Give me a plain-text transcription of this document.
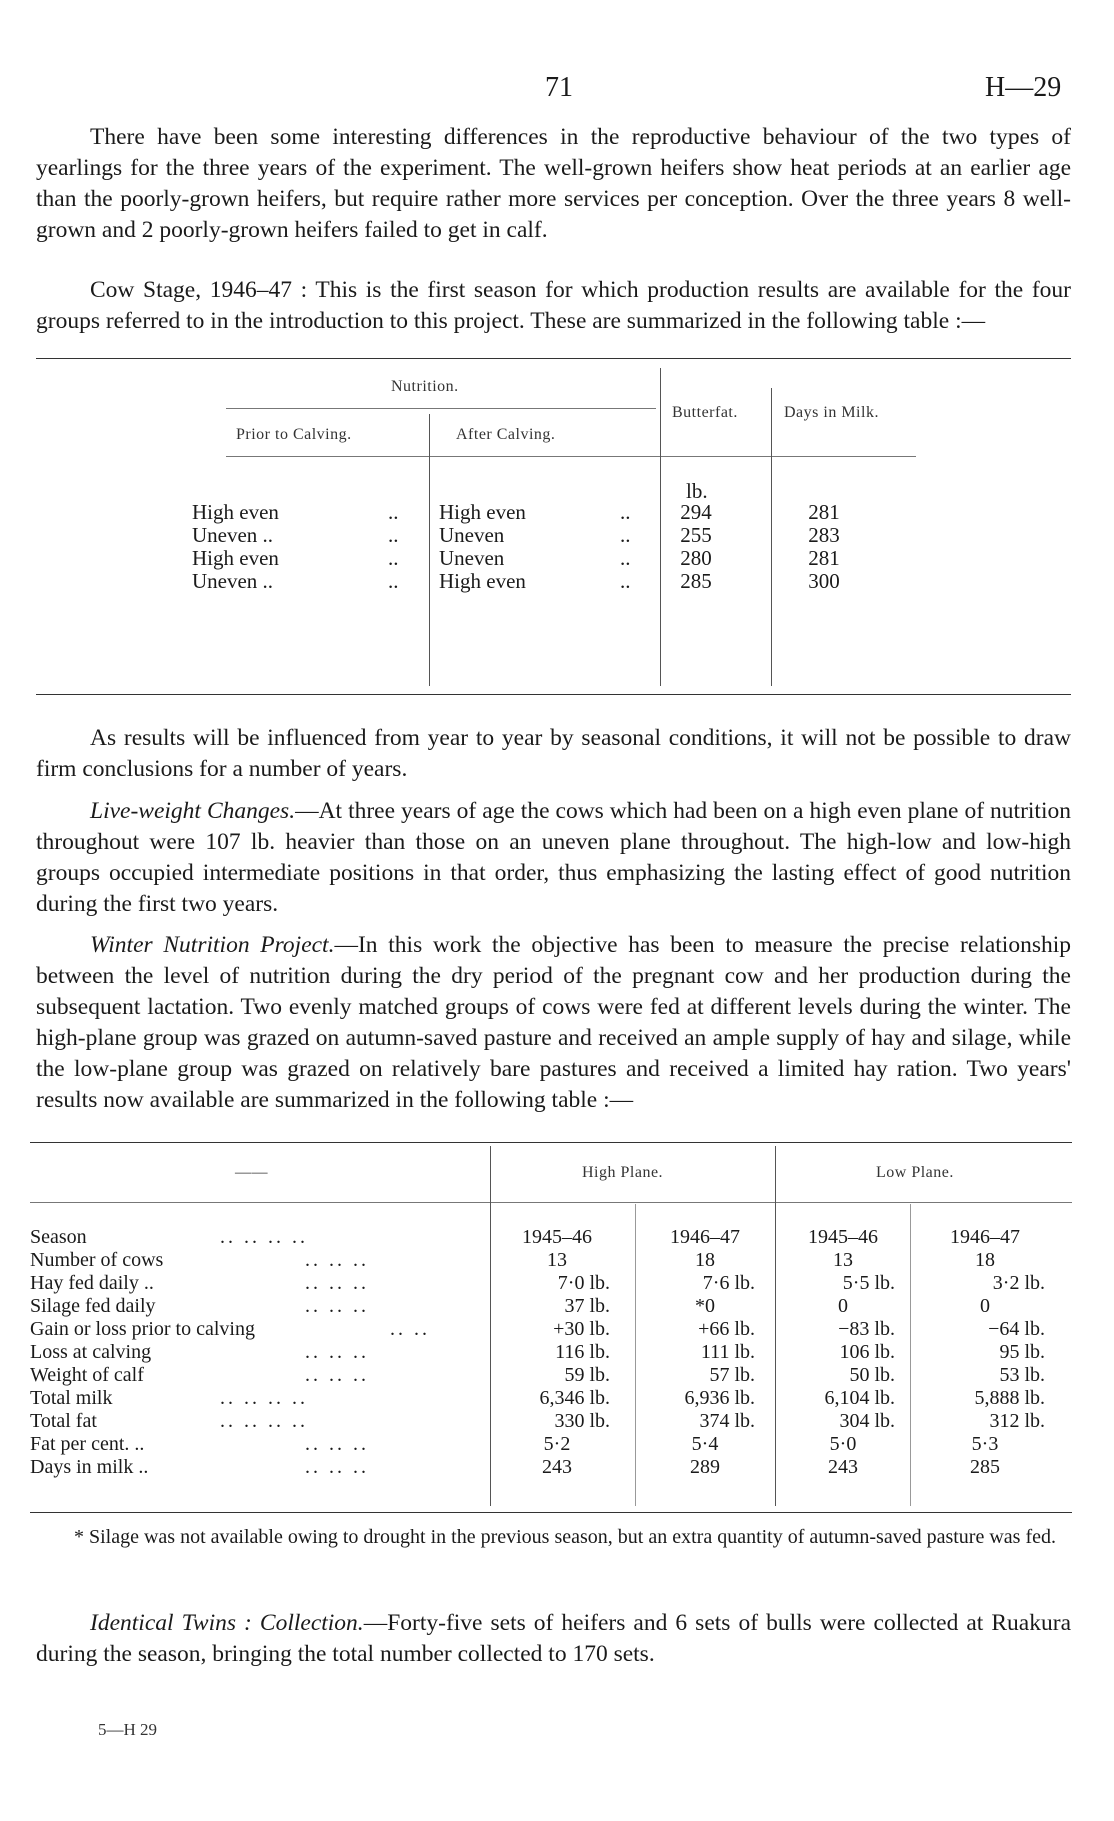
71	H—29

There have been some interesting differences in the reproductive behaviour of the two types of yearlings for the three years of the experiment. The well-grown heifers show heat periods at an earlier age than the poorly-grown heifers, but require rather more services per conception. Over the three years 8 well-grown and 2 poorly-grown heifers failed to get in calf.

Cow Stage, 1946–47 : This is the first season for which production results are available for the four groups referred to in the introduction to this project. These are summarized in the following table :—

Nutrition.
Prior to Calving.	After Calving.
Butterfat.	Days in Milk.
lb.
High even	.. High even	..	294	281
Uneven ..	.. Uneven	..	255	283
High even	.. Uneven	..	280	281
Uneven ..	.. High even	..	285	300

As results will be influenced from year to year by seasonal conditions, it will not be possible to draw firm conclusions for a number of years.

Live-weight Changes.—At three years of age the cows which had been on a high even plane of nutrition throughout were 107 lb. heavier than those on an uneven plane throughout. The high-low and low-high groups occupied intermediate positions in that order, thus emphasizing the lasting effect of good nutrition during the first two years.

Winter Nutrition Project.—In this work the objective has been to measure the precise relationship between the level of nutrition during the dry period of the pregnant cow and her production during the subsequent lactation. Two evenly matched groups of cows were fed at different levels during the winter. The high-plane group was grazed on autumn-saved pasture and received an ample supply of hay and silage, while the low-plane group was grazed on relatively bare pastures and received a limited hay ration. Two years' results now available are summarized in the following table :—

——	High Plane.	Low Plane.
Season	.. .. .. ..	1945–46	1946–47	1945–46	1946–47
Number of cows	.. .. ..	13	18	13	18
Hay fed daily ..	.. .. ..	7·0 lb.	7·6 lb.	5·5 lb.	3·2 lb.
Silage fed daily	.. .. ..	37 lb.	*0	0	0
Gain or loss prior to calving	.. ..	+30 lb.	+66 lb.	−83 lb.	−64 lb.
Loss at calving	.. .. ..	116 lb.	111 lb.	106 lb.	95 lb.
Weight of calf	.. .. ..	59 lb.	57 lb.	50 lb.	53 lb.
Total milk	.. .. .. ..	6,346 lb.	6,936 lb.	6,104 lb.	5,888 lb.
Total fat	.. .. .. ..	330 lb.	374 lb.	304 lb.	312 lb.
Fat per cent. ..	.. .. ..	5·2	5·4	5·0	5·3
Days in milk ..	.. .. ..	243	289	243	285

* Silage was not available owing to drought in the previous season, but an extra quantity of autumn-saved pasture was fed.

Identical Twins : Collection.—Forty-five sets of heifers and 6 sets of bulls were collected at Ruakura during the season, bringing the total number collected to 170 sets.

5—H 29
